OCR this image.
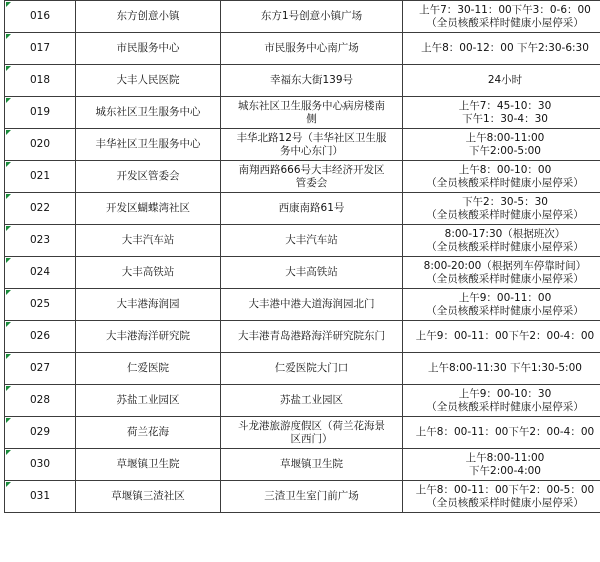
016	东方创意小镇	东方1号创意小镇广场	上午7：30-11：00下午3：0-6：00
（全员核酸采样时健康小屋停采）

017	市民服务中心	市民服务中心南广场	上午8：00-12：00 下午2:30-6:30

018	大丰人民医院	幸福东大街139号	24小时

019	城东社区卫生服务中心	城东社区卫生服务中心病房楼南
侧	上午7：45-10：30
下午1：30-4：30

020	丰华社区卫生服务中心	丰华北路12号（丰华社区卫生服
务中心东门）	上午8:00-11:00
下午2:00-5:00

021	开发区管委会	南翔西路666号大丰经济开发区
管委会	上午8：00-10：00
（全员核酸采样时健康小屋停采）

022	开发区蝴蝶湾社区	西康南路61号	下午2：30-5：30
（全员核酸采样时健康小屋停采）

023	大丰汽车站	大丰汽车站	8:00-17:30（根据班次）
（全员核酸采样时健康小屋停采）

024	大丰高铁站	大丰高铁站	8:00-20:00（根据列车停靠时间）
（全员核酸采样时健康小屋停采）

025	大丰港海润园	大丰港中港大道海润园北门	上午9：00-11：00
（全员核酸采样时健康小屋停采）

026	大丰港海洋研究院	大丰港青岛港路海洋研究院东门	上午9：00-11：00下午2：00-4：00

027	仁爱医院	仁爱医院大门口	上午8:00-11:30 下午1:30-5:00

028	苏盐工业园区	苏盐工业园区	上午9：00-10：30
（全员核酸采样时健康小屋停采）

029	荷兰花海	斗龙港旅游度假区（荷兰花海景
区西门）	上午8：00-11：00下午2：00-4：00

030	草堰镇卫生院	草堰镇卫生院	上午8:00-11:00
下午2:00-4:00

031	草堰镇三渣社区	三渣卫生室门前广场	上午8：00-11：00下午2：00-5：00
（全员核酸采样时健康小屋停采）
